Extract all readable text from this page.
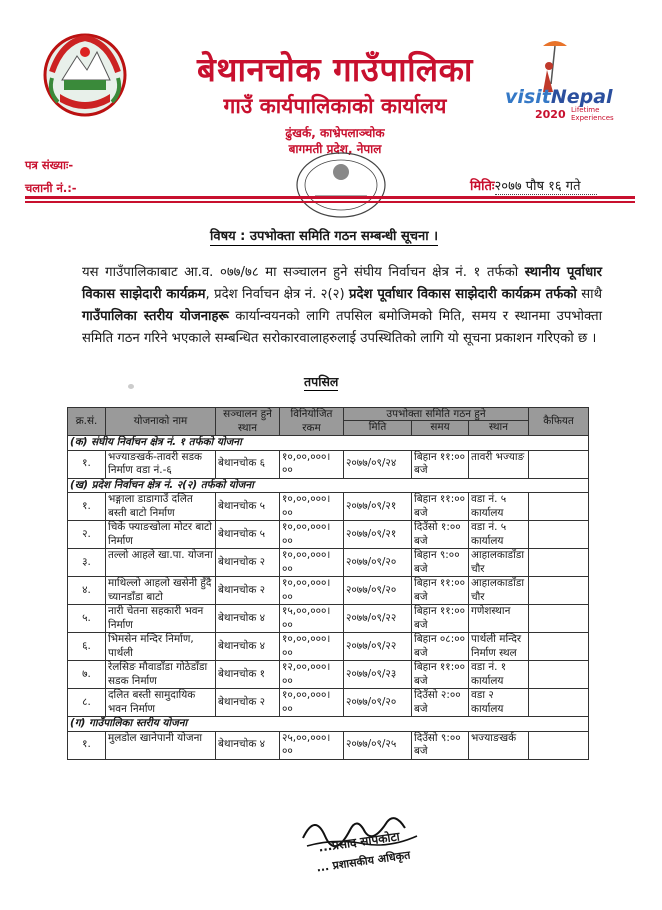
बेथानचोक गाउँपालिका
गाउँ कार्यपालिकाको कार्यालय
ढुंखर्क, काभ्रेपलाञ्चोक
बागमती प्रदेश, नेपाल
visitNepal
2020 Lifetime
Experiences
पत्र संख्याः-
चलानी नं.:-	मितिः२०७७ पौष १६ गते
विषय : उपभोक्ता समिति गठन सम्बन्धी सूचना ।
यस गाउँपालिकाबाट आ.व. ०७७/७८ मा सञ्चालन हुने संघीय निर्वाचन क्षेत्र नं. १ तर्फको स्थानीय पूर्वाधार विकास साझेदारी कार्यक्रम, प्रदेश निर्वाचन क्षेत्र नं. २(२) प्रदेश पूर्वाधार विकास साझेदारी कार्यक्रम तर्फको साथै गाउँपालिका स्तरीय योजनाहरू कार्यान्वयनको लागि तपसिल बमोजिमको मिति, समय र स्थानमा उपभोक्ता समिति गठन गरिने भएकाले सम्बन्धित सरोकारवालाहरुलाई उपस्थितिको लागि यो सूचना प्रकाशन गरिएको छ ।
तपसिल
क्र.सं.	योजनाको नाम	सञ्चालन हुने स्थान	विनियोजित रकम	उपभोक्ता समिति गठन हुने			कैफियत
				मिति	समय	स्थान	
(क) संघीय निर्वाचन क्षेत्र नं. १ तर्फको योजना							
१.	भज्याङखर्क-तावरी सडक निर्माण वडा नं.-६	बेथानचोक ६	१०,००,०००।००	२०७७/०९/२४	बिहान ११:०० बजे	तावरी भज्याङ	
(ख) प्रदेश निर्वाचन क्षेत्र नं. २(२) तर्फको योजना							
१.	भङ्गाला डाडागाउँ दलित बस्ती बाटो निर्माण	बेथानचोक ५	१०,००,०००।००	२०७७/०९/२१	बिहान ११:०० बजे	वडा नं. ५ कार्यालय	
२.	चिर्के फ्याङखोला मोटर बाटो निर्माण	बेथानचोक ५	१०,००,०००।००	२०७७/०९/२१	दिउँसो १:०० बजे	वडा नं. ५ कार्यालय	
३.	तल्लो आहले खा.पा. योजना	बेथानचोक २	१०,००,०००।००	२०७७/०९/२०	बिहान ९:०० बजे	आहालकाडाँडा चौर	
४.	माथिल्लो आहलो खसेनी हुँदै च्यानडाँडा बाटो	बेथानचोक २	१०,००,०००।००	२०७७/०९/२०	बिहान ११:०० बजे	आहालकाडाँडा चौर	
५.	नारी चेतना सहकारी भवन निर्माण	बेथानचोक ४	१५,००,०००।००	२०७७/०९/२२	बिहान ११:०० बजे	गणेशस्थान	
६.	भिमसेन मन्दिर निर्माण, पार्थली	बेथानचोक ४	१०,००,०००।००	२०७७/०९/२२	बिहान ०८:०० बजे	पार्थली मन्दिर निर्माण स्थल	
७.	रेलसिङ मौवाडाँडा गोठेडाँडा सडक निर्माण	बेथानचोक १	१२,००,०००।००	२०७७/०९/२३	बिहान ११:०० बजे	वडा नं. १ कार्यालय	
८.	दलित बस्ती सामुदायिक भवन निर्माण	बेथानचोक २	१०,००,०००।००	२०७७/०९/२०	दिउँसो २:०० बजे	वडा २ कार्यालय	
(ग) गाउँपालिका स्तरीय योजना							
१.	मुलडोल खानेपानी योजना	बेथानचोक ४	२५,००,०००।००	२०७७/०९/२५	दिउँसो ९:०० बजे	भज्याङखर्क	
...प्रसाद सापकोटा
... प्रशासकीय अधिकृत
